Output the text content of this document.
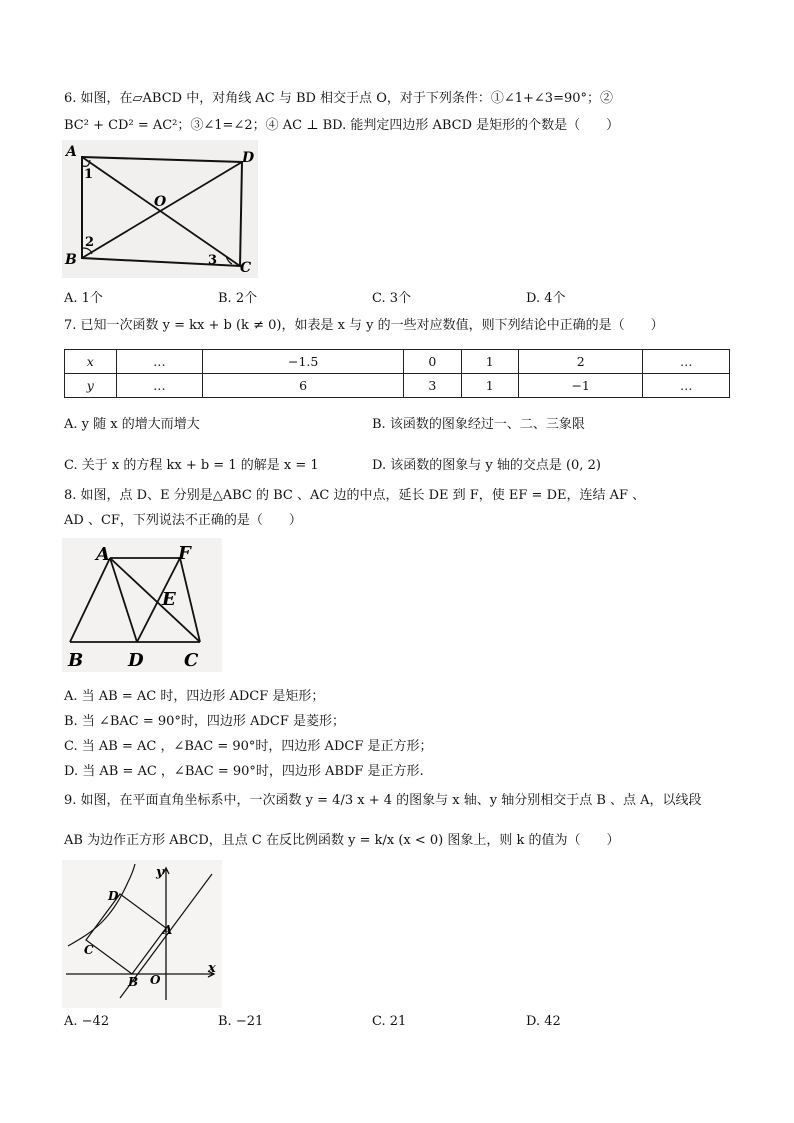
6. 如图，在▱ABCD 中，对角线 AC 与 BD 相交于点 O，对于下列条件：①∠1+∠3=90°；②
BC² + CD² = AC²；③∠1=∠2；④ AC ⊥ BD. 能判定四边形 ABCD 是矩形的个数是（　　）
A
B	C
D
O
1
2
3
A. 1个	B. 2个	C. 3个	D. 4个
7. 已知一次函数 y = kx + b (k ≠ 0)，如表是 x 与 y 的一些对应数值，则下列结论中正确的是（　　）
x	…	−1.5	0	1	2	…
y	…	6	3	1	−1	…
A. y 随 x 的增大而增大	B. 该函数的图象经过一、二、三象限
C. 关于 x 的方程 kx + b = 1 的解是 x = 1	D. 该函数的图象与 y 轴的交点是 (0, 2)
8. 如图，点 D、E 分别是△ABC 的 BC 、AC 边的中点，延长 DE 到 F，使 EF = DE，连结 AF 、
AD 、CF，下列说法不正确的是（　　）
A	F
E
B D C
A. 当 AB = AC 时，四边形 ADCF 是矩形；
B. 当 ∠BAC = 90°时，四边形 ADCF 是菱形；
C. 当 AB = AC ，∠BAC = 90°时，四边形 ADCF 是正方形；
D. 当 AB = AC ，∠BAC = 90°时，四边形 ABDF 是正方形.
9. 如图，在平面直角坐标系中，一次函数 y = 4/3 x + 4 的图象与 x 轴、y 轴分别相交于点 B 、点 A，以线段
AB 为边作正方形 ABCD，且点 C 在反比例函数 y = k/x (x < 0) 图象上，则 k 的值为（　　）
D
C
B O
A
x
y
A. −42	B. −21	C. 21	D. 42
